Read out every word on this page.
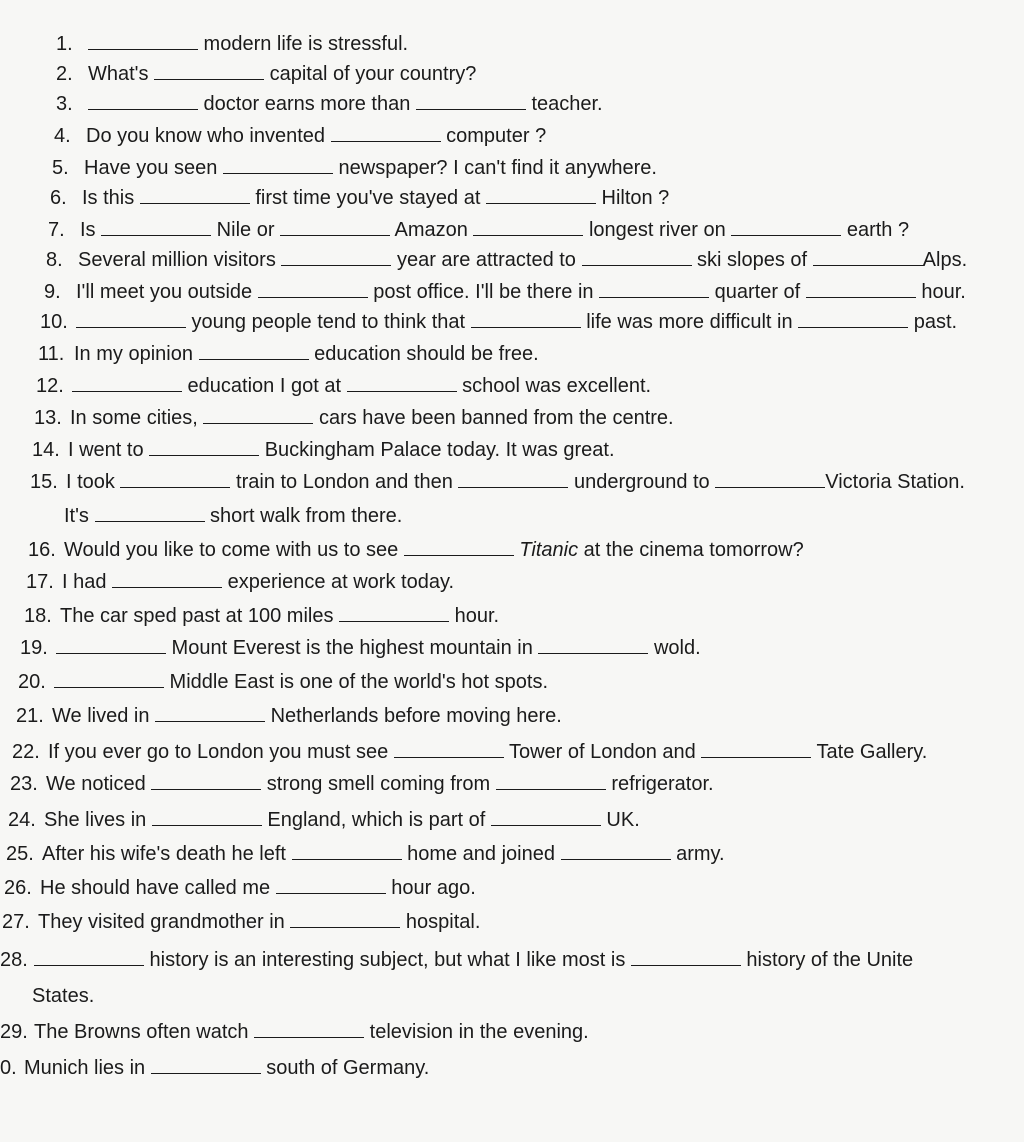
1.	modern life is stressful.
2. What's	capital of your country?
3.	doctor earns more than	teacher.
4. Do you know who invented	computer ?
5. Have you seen	newspaper? I can't find it anywhere.
6. Is this	first time you've stayed at	Hilton ?
7. Is	Nile or	Amazon	longest river on	earth ?
8. Several million visitors	year are attracted to	ski slopes of	Alps.
9. I'll meet you outside	post office. I'll be there in	quarter of	hour.
10.	young people tend to think that	life was more difficult in	past.
11. In my opinion	education should be free.
12.	education I got at	school was excellent.
13. In some cities,	cars have been banned from the centre.
14. I went to	Buckingham Palace today. It was great.
15. I took	train to London and then	underground to	Victoria Station.
It's	short walk from there.
16. Would you like to come with us to see	Titanic at the cinema tomorrow?
17. I had	experience at work today.
18. The car sped past at 100 miles	hour.
19.	Mount Everest is the highest mountain in	wold.
20.	Middle East is one of the world's hot spots.
21. We lived in	Netherlands before moving here.
22. If you ever go to London you must see	Tower of London and	Tate Gallery.
23. We noticed	strong smell coming from	refrigerator.
24. She lives in	England, which is part of	UK.
25. After his wife's death he left	home and joined	army.
26. He should have called me	hour ago.
27. They visited grandmother in	hospital.
28.	history is an interesting subject, but what I like most is	history of the Unite
States.
29. The Browns often watch	television in the evening.
0. Munich lies in	south of Germany.
